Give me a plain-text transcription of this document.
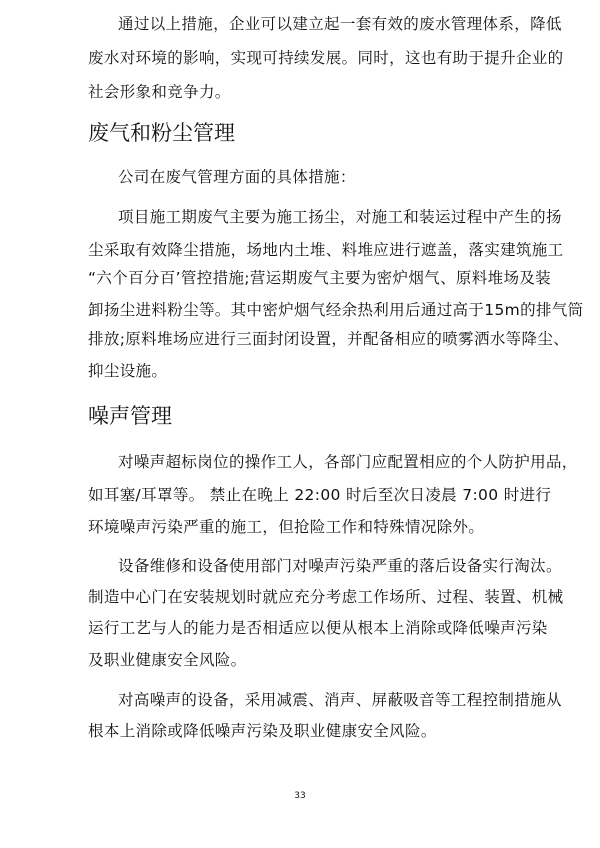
通过以上措施，企业可以建立起一套有效的废水管理体系，降低

废水对环境的影响，实现可持续发展。同时，这也有助于提升企业的

社会形象和竞争力。

废气和粉尘管理

公司在废气管理方面的具体措施：

项目施工期废气主要为施工扬尘，对施工和装运过程中产生的扬

尘采取有效降尘措施，场地内土堆、料堆应进行遮盖，落实建筑施工

“六个百分百’管控措施;营运期废气主要为密炉烟气、原料堆场及装

卸扬尘进料粉尘等。其中密炉烟气经余热利用后通过高于15m的排气筒

排放;原料堆场应进行三面封闭设置，并配备相应的喷雾洒水等降尘、

抑尘设施。

噪声管理

对噪声超标岗位的操作工人，各部门应配置相应的个人防护用品，

如耳塞/耳罩等。 禁止在晚上 22:00 时后至次日凌晨 7:00 时进行

环境噪声污染严重的施工，但抢险工作和特殊情况除外。

设备维修和设备使用部门对噪声污染严重的落后设备实行淘汰。

制造中心门在安装规划时就应充分考虑工作场所、过程、装置、机械

运行工艺与人的能力是否相适应以便从根本上消除或降低噪声污染

及职业健康安全风险。

对高噪声的设备，采用减震、消声、屏蔽吸音等工程控制措施从

根本上消除或降低噪声污染及职业健康安全风险。

33
